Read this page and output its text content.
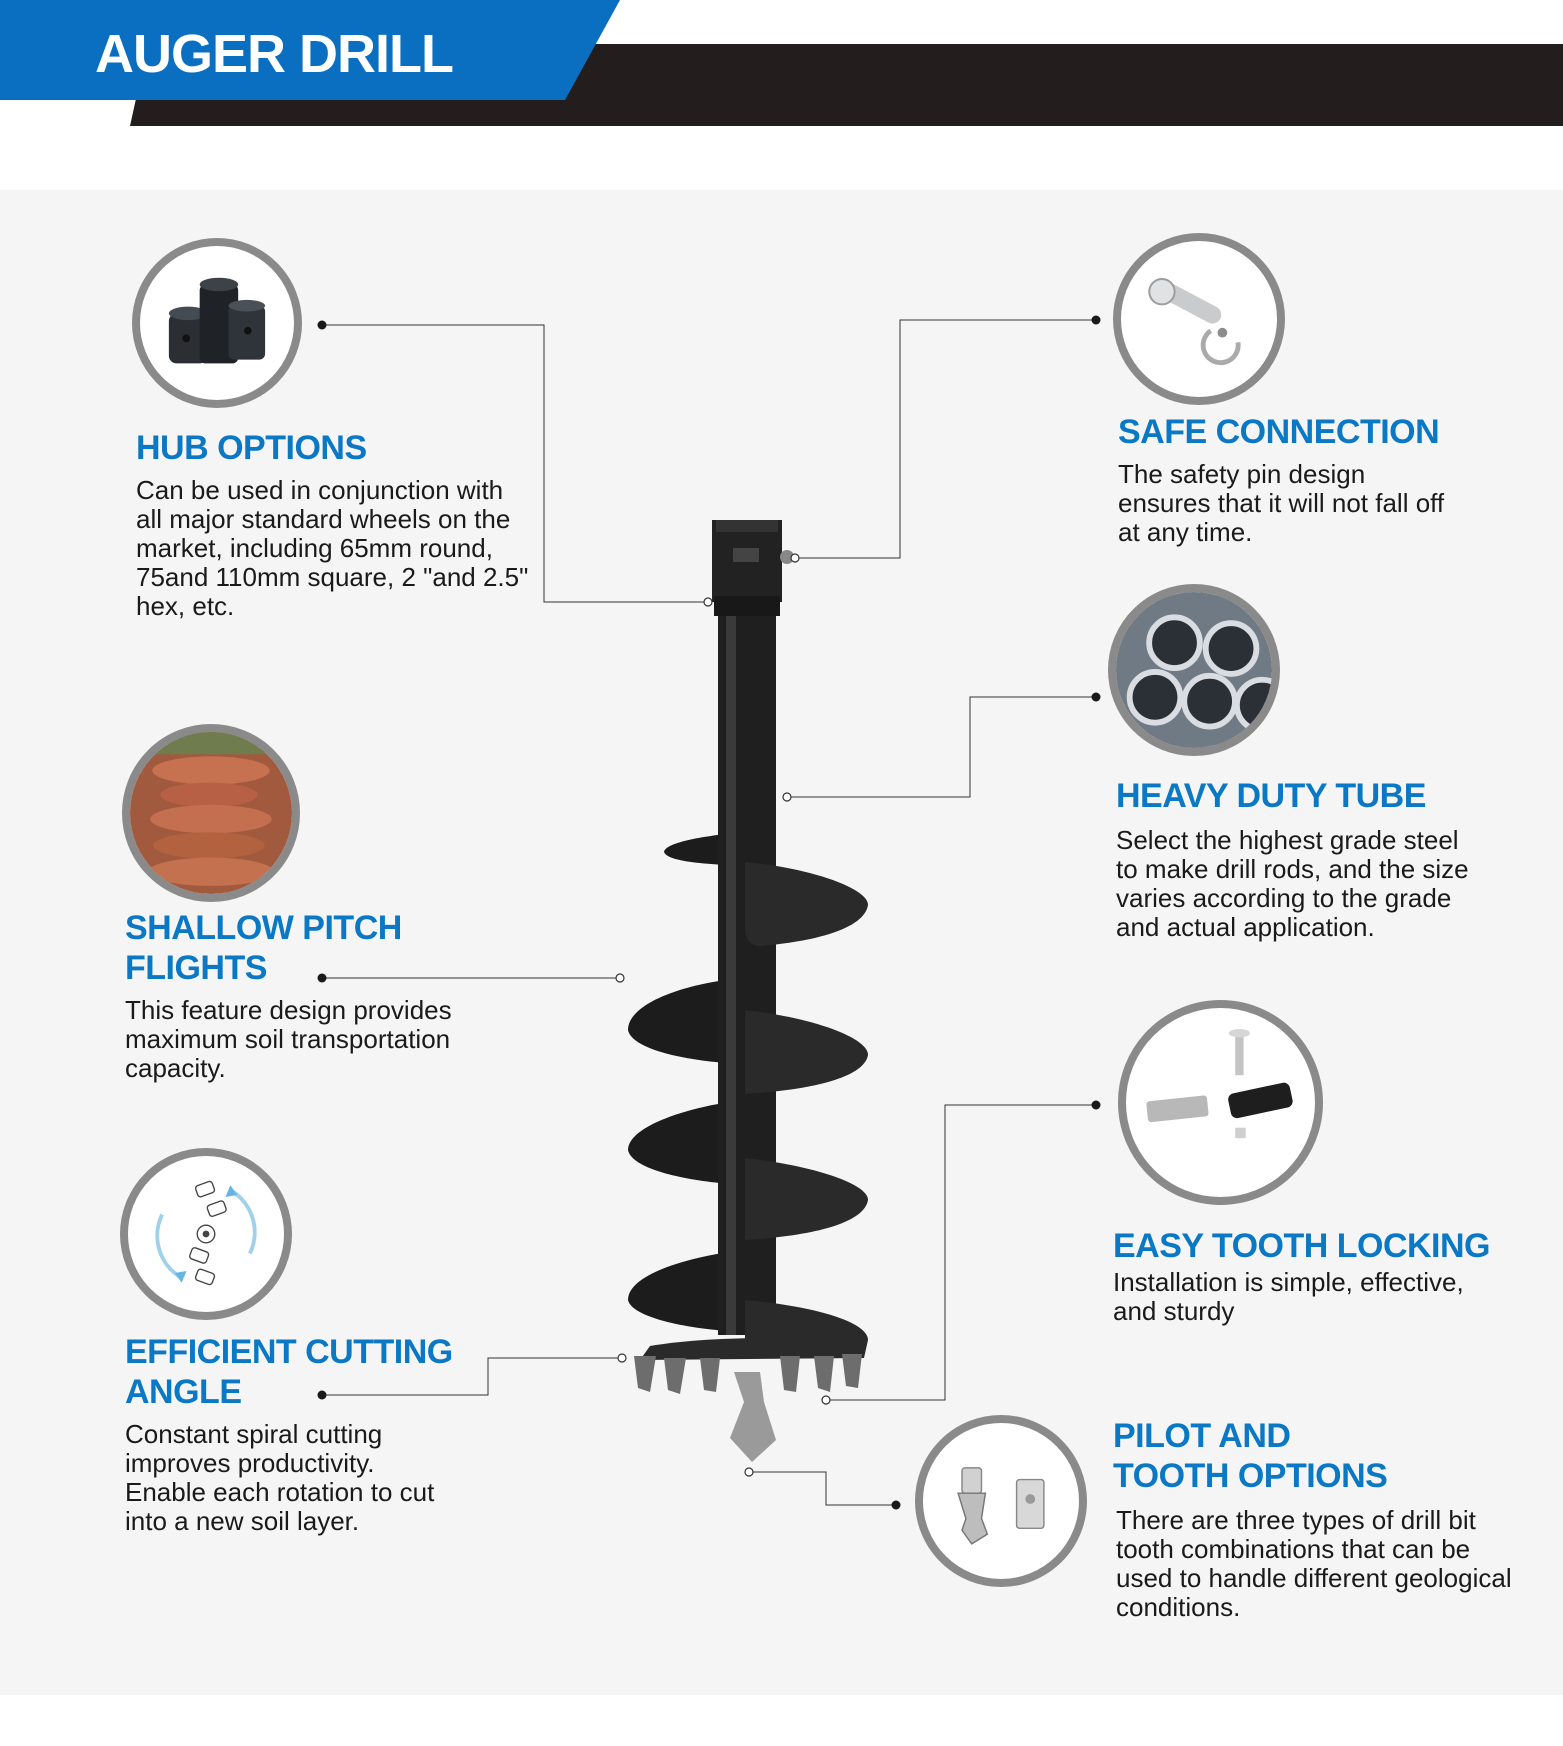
AUGER DRILL
HUB OPTIONS

Can be used in conjunction with all major standard wheels on the market, including 65mm round, 75and 110mm square, 2 "and 2.5" hex, etc.

SHALLOW PITCH
FLIGHTS

This feature design provides maximum soil transportation capacity.

EFFICIENT CUTTING
ANGLE

Constant spiral cutting improves productivity. Enable each rotation to cut into a new soil layer.

SAFE CONNECTION

The safety pin design ensures that it will not fall off at any time.

HEAVY DUTY TUBE

Select the highest grade steel to make drill rods, and the size varies according to the grade and actual application.

EASY TOOTH LOCKING

Installation is simple, effective, and sturdy

PILOT AND
TOOTH OPTIONS

There are three types of drill bit tooth combinations that can be used to handle different geological conditions.
